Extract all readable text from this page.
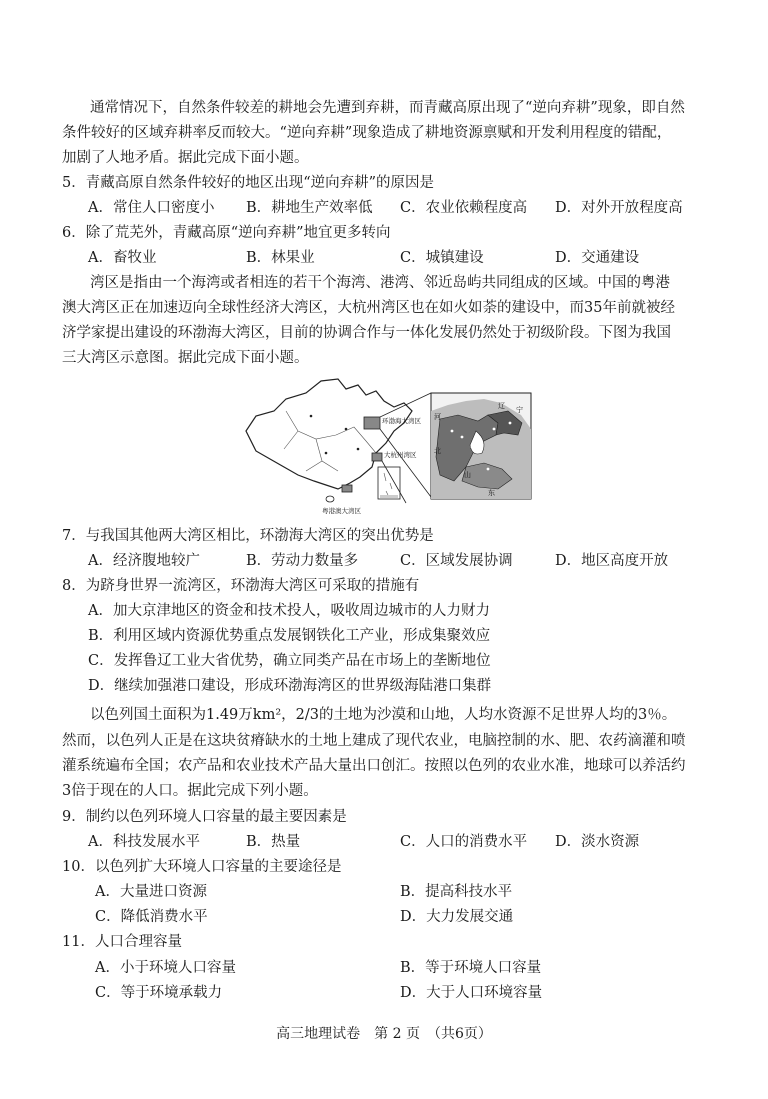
通常情况下，自然条件较差的耕地会先遭到弃耕，而青藏高原出现了“逆向弃耕”现象，即自然
条件较好的区域弃耕率反而较大。“逆向弃耕”现象造成了耕地资源禀赋和开发利用程度的错配，
加剧了人地矛盾。据此完成下面小题。
5．青藏高原自然条件较好的地区出现“逆向弃耕”的原因是
A．常住人口密度小 B．耕地生产效率低 C．农业依赖程度高 D．对外开放程度高
6．除了荒芜外，青藏高原“逆向弃耕”地宜更多转向
A．畜牧业	B．林果业	C．城镇建设	D．交通建设
湾区是指由一个海湾或者相连的若干个海湾、港湾、邻近岛屿共同组成的区域。中国的粤港
澳大湾区正在加速迈向全球性经济大湾区，大杭州湾区也在如火如荼的建设中，而35年前就被经
济学家提出建设的环渤海大湾区，目前的协调合作与一体化发展仍然处于初级阶段。下图为我国
三大湾区示意图。据此完成下面小题。
环渤海大湾区
大杭州湾区
粤港澳大湾区
辽 宁
河
北
山
东
7．与我国其他两大湾区相比，环渤海大湾区的突出优势是
A．经济腹地较广	B．劳动力数量多	C．区域发展协调	D．地区高度开放
8．为跻身世界一流湾区，环渤海大湾区可采取的措施有
A．加大京津地区的资金和技术投人，吸收周边城市的人力财力
B．利用区域内资源优势重点发展钢铁化工产业，形成集聚效应
C．发挥鲁辽工业大省优势，确立同类产品在市场上的垄断地位
D．继续加强港口建设，形成环渤海湾区的世界级海陆港口集群
以色列国土面积为1.49万km²，2/3的土地为沙漠和山地，人均水资源不足世界人均的3％。
然而，以色列人正是在这块贫瘠缺水的土地上建成了现代农业，电脑控制的水、肥、农药滴灌和喷
灌系统遍布全国；农产品和农业技术产品大量出口创汇。按照以色列的农业水准，地球可以养活约
3倍于现在的人口。据此完成下列小题。
9．制约以色列环境人口容量的最主要因素是
A．科技发展水平	B．热量	C．人口的消费水平 D．淡水资源
10．以色列扩大环境人口容量的主要途径是
A．大量进口资源	B．提高科技水平
C．降低消费水平	D．大力发展交通
11．人口合理容量
A．小于环境人口容量	B．等于环境人口容量
C．等于环境承载力	D．大于人口环境容量
高三地理试卷　第 2 页　（共6页）
